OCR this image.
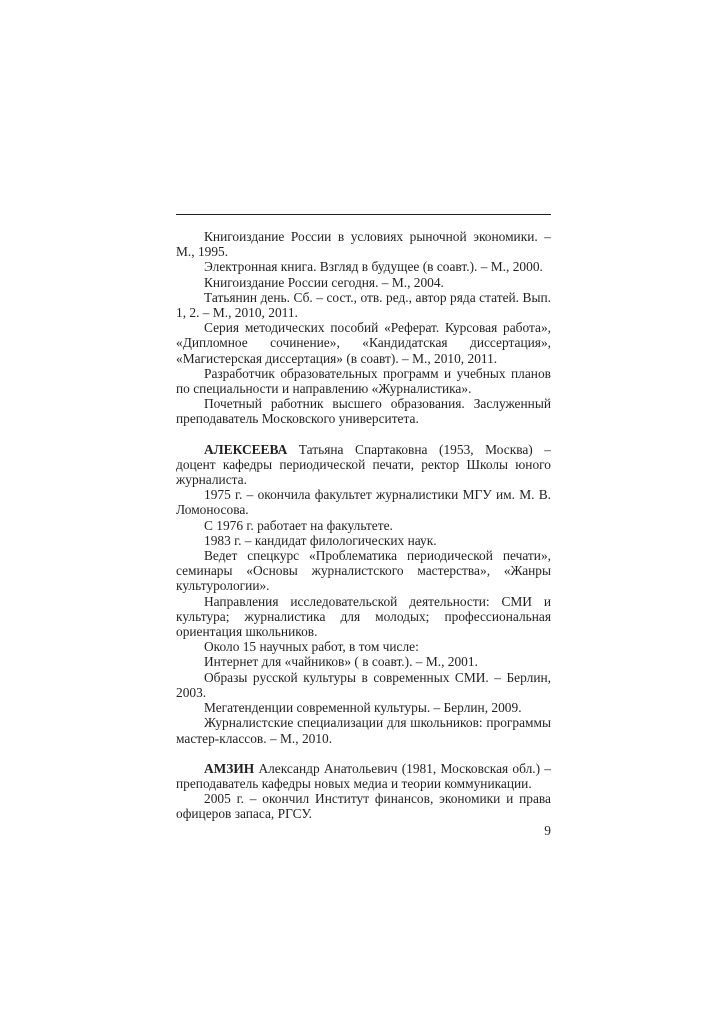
Книгоиздание России в условиях рыночной экономики. – М., 1995.

Электронная книга. Взгляд в будущее (в соавт.). – М., 2000.

Книгоиздание России сегодня. – М., 2004.

Татьянин день. Сб. – сост., отв. ред., автор ряда статей. Вып. 1, 2. – М., 2010, 2011.

Серия методических пособий «Реферат. Курсовая работа», «Дипломное сочинение», «Кандидатская диссертация», «Магистерская диссертация» (в соавт). – М., 2010, 2011.

Разработчик образовательных программ и учебных планов по специальности и направлению «Журналистика».

Почетный работник высшего образования. Заслуженный преподаватель Московского университета.

АЛЕКСЕЕВА Татьяна Спартаковна (1953, Москва) – доцент кафедры периодической печати, ректор Школы юного журналиста.

1975 г. – окончила факультет журналистики МГУ им. М. В. Ломоносова.

С 1976 г. работает на факультете.

1983 г. – кандидат филологических наук.

Ведет спецкурс «Проблематика периодической печати», семинары «Основы журналистского мастерства», «Жанры культурологии».

Направления исследовательской деятельности: СМИ и культура; журналистика для молодых; профессиональная ориентация школьников.

Около 15 научных работ, в том числе:

Интернет для «чайников» ( в соавт.). – М., 2001.

Образы русской культуры в современных СМИ. – Берлин, 2003.

Мегатенденции современной культуры. – Берлин, 2009.

Журналистские специализации для школьников: программы мастер-классов. – М., 2010.

АМЗИН Александр Анатольевич (1981, Московская обл.) – преподаватель кафедры новых медиа и теории коммуникации.

2005 г. – окончил Институт финансов, экономики и права офицеров запаса, РГСУ.

9
